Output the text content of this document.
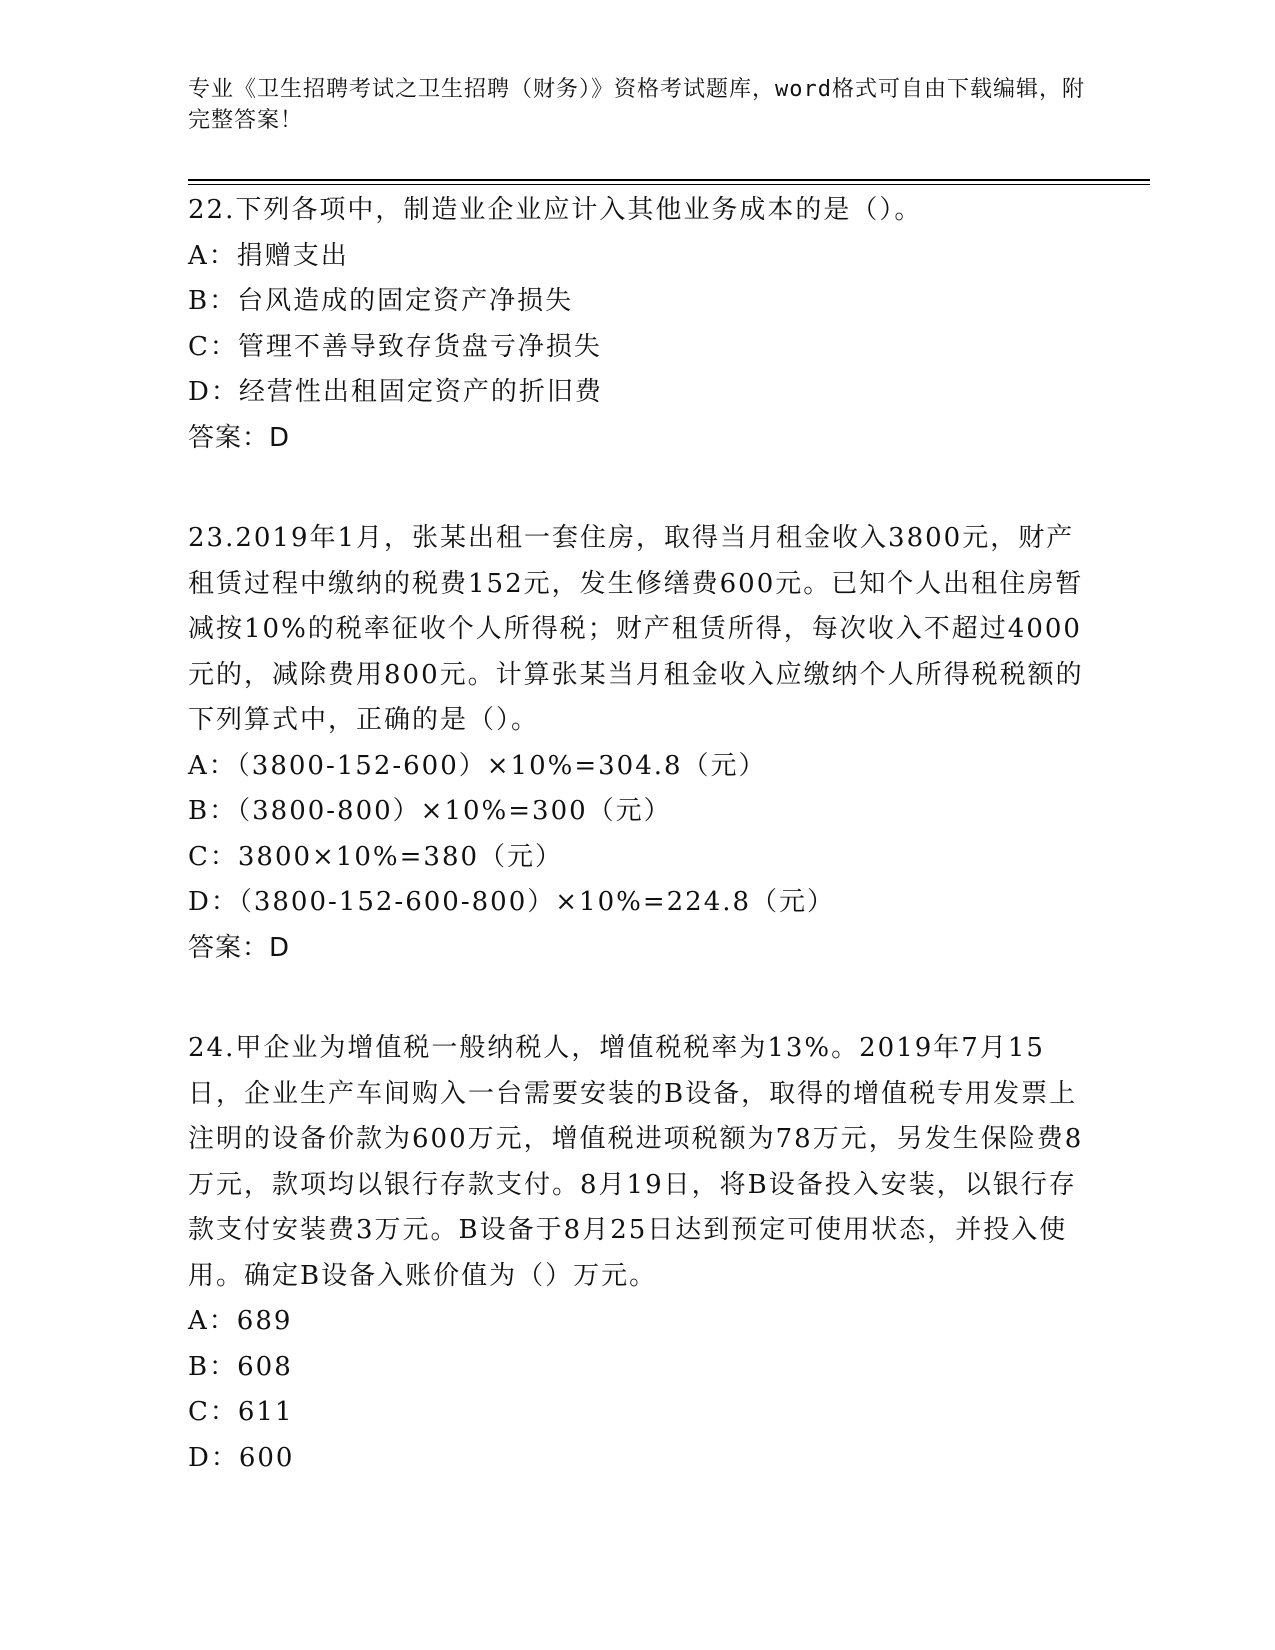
专业《卫生招聘考试之卫生招聘（财务）》资格考试题库，word格式可自由下载编辑，附完整答案！

22.下列各项中，制造业企业应计入其他业务成本的是（）。

A：捐赠支出

B：台风造成的固定资产净损失

C：管理不善导致存货盘亏净损失

D：经营性出租固定资产的折旧费

答案：D

23.2019年1月，张某出租一套住房，取得当月租金收入3800元，财产租赁过程中缴纳的税费152元，发生修缮费600元。已知个人出租住房暂减按10%的税率征收个人所得税；财产租赁所得，每次收入不超过4000元的，减除费用800元。计算张某当月租金收入应缴纳个人所得税税额的下列算式中，正确的是（）。

A：（3800-152-600）×10%=304.8（元）

B：（3800-800）×10%=300（元）

C：3800×10%=380（元）

D：（3800-152-600-800）×10%=224.8（元）

答案：D

24.甲企业为增值税一般纳税人，增值税税率为13%。2019年7月15日，企业生产车间购入一台需要安装的B设备，取得的增值税专用发票上注明的设备价款为600万元，增值税进项税额为78万元，另发生保险费8万元，款项均以银行存款支付。8月19日，将B设备投入安装，以银行存款支付安装费3万元。B设备于8月25日达到预定可使用状态，并投入使用。确定B设备入账价值为（）万元。

A：689

B：608

C：611

D：600
